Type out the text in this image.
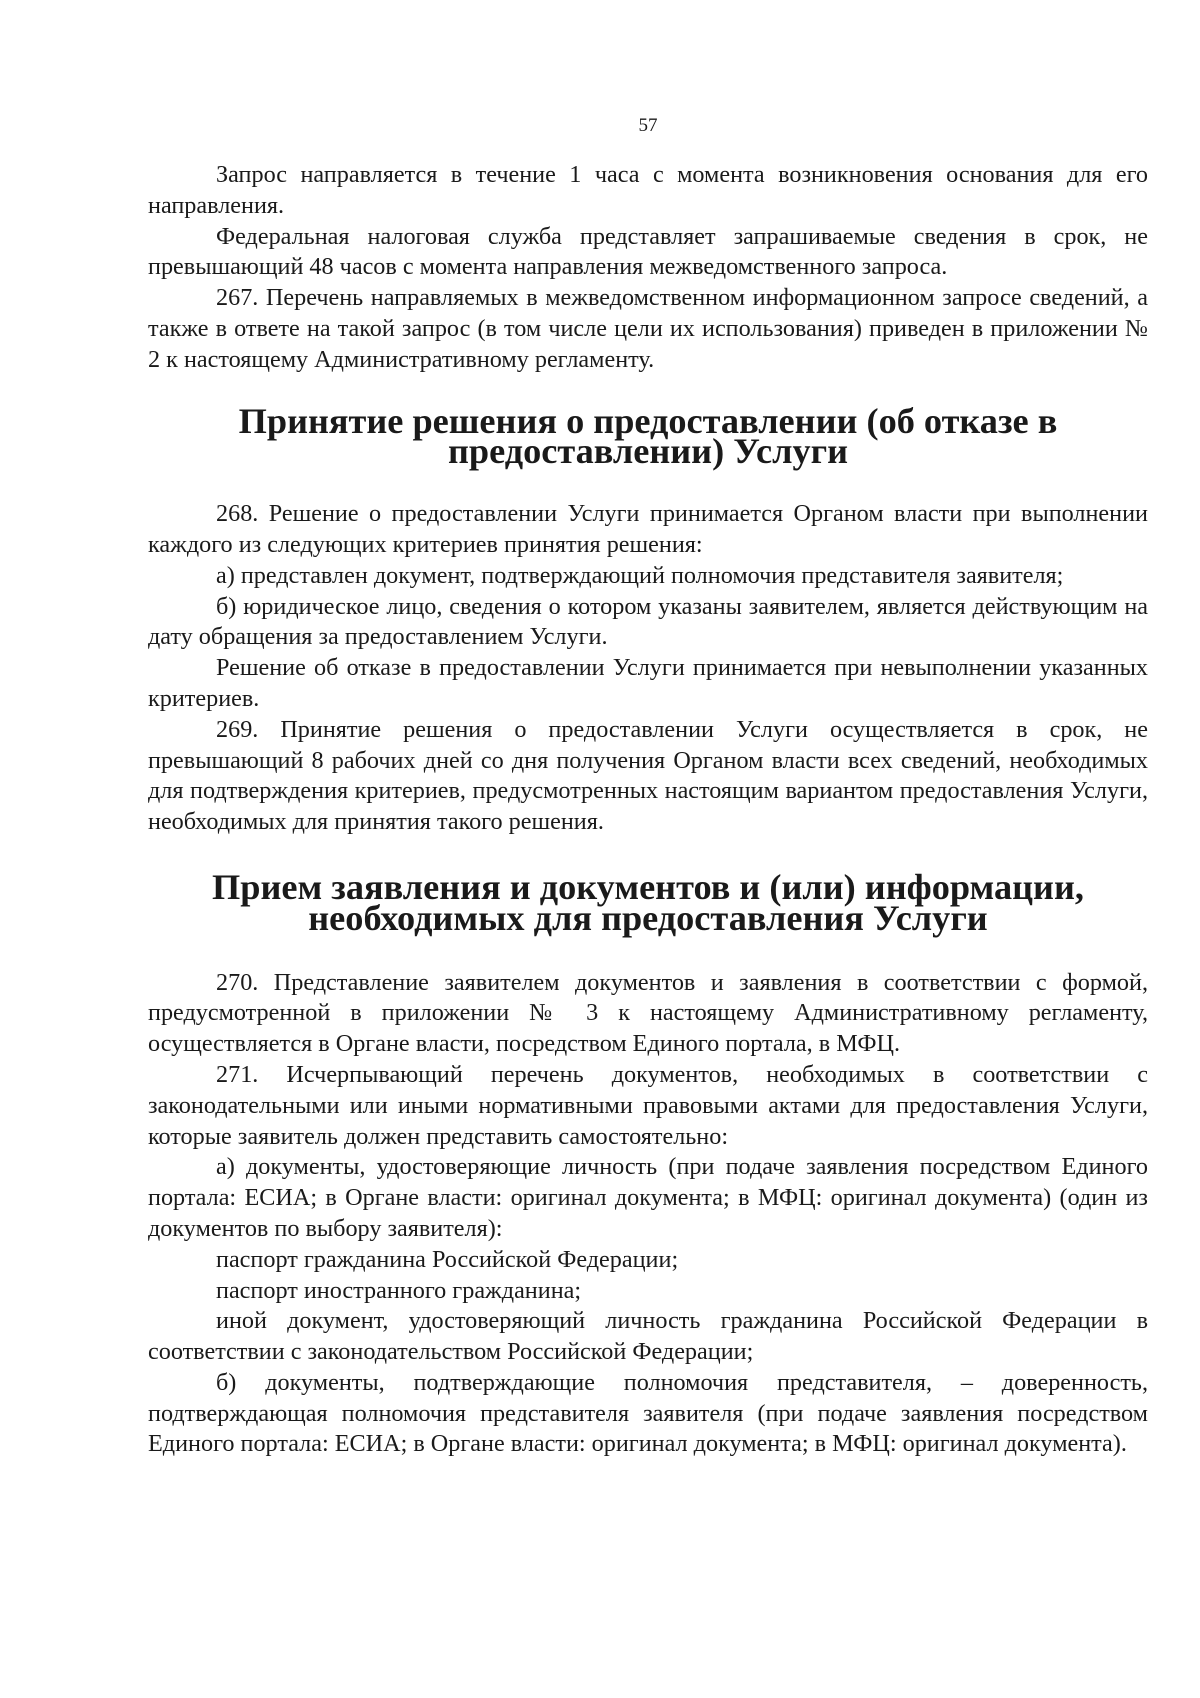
57

Запрос направляется в течение 1 часа с момента возникновения основания для его направления.

Федеральная налоговая служба представляет запрашиваемые сведения в срок, не превышающий 48 часов с момента направления межведомственного запроса.

267. Перечень направляемых в межведомственном информационном запросе сведений, а также в ответе на такой запрос (в том числе цели их использования) приведен в приложении № 2 к настоящему Административному регламенту.

Принятие решения о предоставлении (об отказе в предоставлении) Услуги

268. Решение о предоставлении Услуги принимается Органом власти при выполнении каждого из следующих критериев принятия решения:

а) представлен документ, подтверждающий полномочия представителя заявителя;

б) юридическое лицо, сведения о котором указаны заявителем, является действующим на дату обращения за предоставлением Услуги.

Решение об отказе в предоставлении Услуги принимается при невыполнении указанных критериев.

269. Принятие решения о предоставлении Услуги осуществляется в срок, не превышающий 8 рабочих дней со дня получения Органом власти всех сведений, необходимых для подтверждения критериев, предусмотренных настоящим вариантом предоставления Услуги, необходимых для принятия такого решения.

Прием заявления и документов и (или) информации, необходимых для предоставления Услуги

270. Представление заявителем документов и заявления в соответствии с формой, предусмотренной в приложении № 3 к настоящему Административному регламенту, осуществляется в Органе власти, посредством Единого портала, в МФЦ.

271. Исчерпывающий перечень документов, необходимых в соответствии с законодательными или иными нормативными правовыми актами для предоставления Услуги, которые заявитель должен представить самостоятельно:

а) документы, удостоверяющие личность (при подаче заявления посредством Единого портала: ЕСИА; в Органе власти: оригинал документа; в МФЦ: оригинал документа) (один из документов по выбору заявителя):

паспорт гражданина Российской Федерации;

паспорт иностранного гражданина;

иной документ, удостоверяющий личность гражданина Российской Федерации в соответствии с законодательством Российской Федерации;

б) документы, подтверждающие полномочия представителя, – доверенность, подтверждающая полномочия представителя заявителя (при подаче заявления посредством Единого портала: ЕСИА; в Органе власти: оригинал документа; в МФЦ: оригинал документа).
